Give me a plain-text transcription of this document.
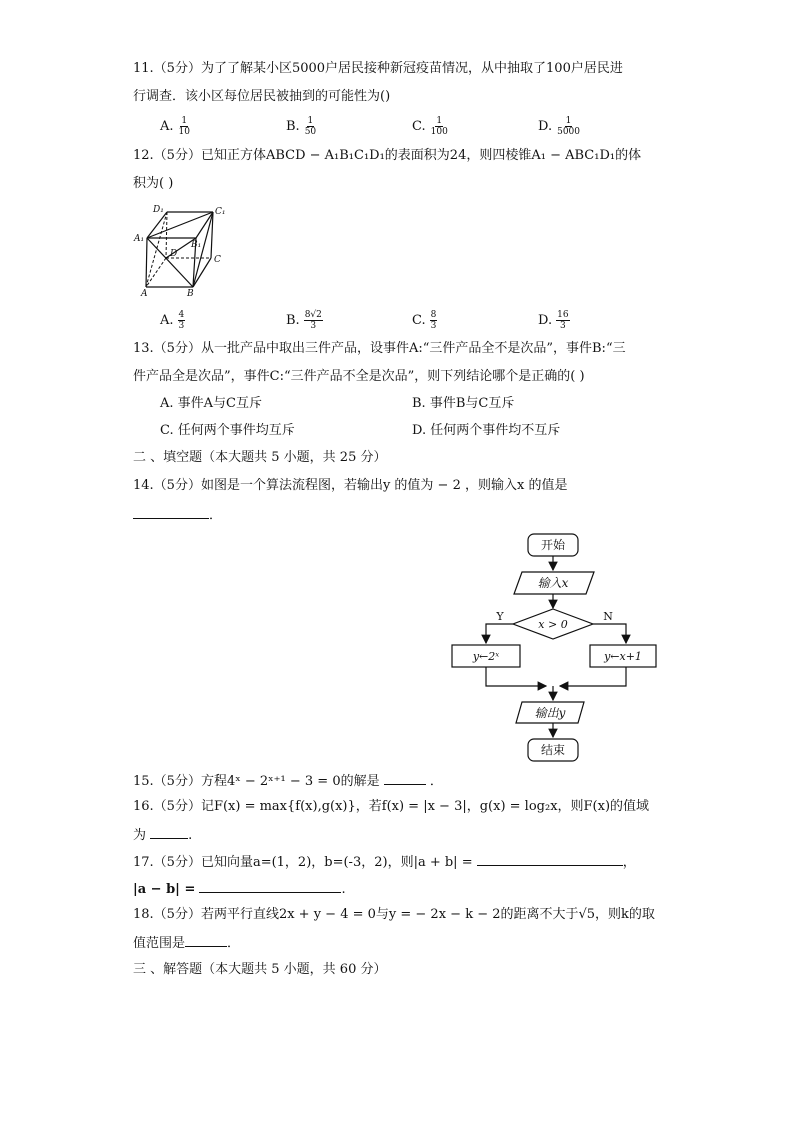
11.（5分）为了了解某小区5000户居民接种新冠疫苗情况，从中抽取了100户居民进
行调查．该小区每位居民被抽到的可能性为()
A. $\frac{1}{10}$	B. $\frac{1}{50}$	C. $\frac{1}{100}$	D. $\frac{1}{5000}$
12.（5分）已知正方体ABCD − A₁B₁C₁D₁的表面积为24，则四棱锥A₁ − ABC₁D₁的体
积为( )
D₁	C₁
A₁
B₁
D
C
A	B
A. $\frac{4}{3}$	B. $\frac{8√2}{3}$	C. $\frac{8}{3}$	D. $\frac{16}{3}$
13.（5分）从一批产品中取出三件产品，设事件A:“三件产品全不是次品”，事件B:“三
件产品全是次品”，事件C:“三件产品不全是次品”，则下列结论哪个是正确的( )
A. 事件A与C互斥	B. 事件B与C互斥
C. 任何两个事件均互斥	D. 任何两个事件均不互斥
二 、填空题（本大题共 5 小题，共 25 分）
14.（5分）如图是一个算法流程图，若输出y 的值为 − 2 ，则输入x 的值是
．
开始
输入x
x > 0
Y	N
y←2ˣ	y←x+1
输出y
结束
15.（5分）方程4ˣ − 2ˣ⁺¹ − 3 = 0的解是	．
16.（5分）记F(x) = max{f(x),g(x)}，若f(x) = |x − 3|，g(x) = log₂x，则F(x)的值域
为	.
17.（5分）已知向量a=(1，2)，b=(-3，2)，则|a + b| =	，
|a − b| =	.
18.（5分）若两平行直线2x + y − 4 = 0与y = − 2x − k − 2的距离不大于√5，则k的取
值范围是	．
三 、解答题（本大题共 5 小题，共 60 分）
